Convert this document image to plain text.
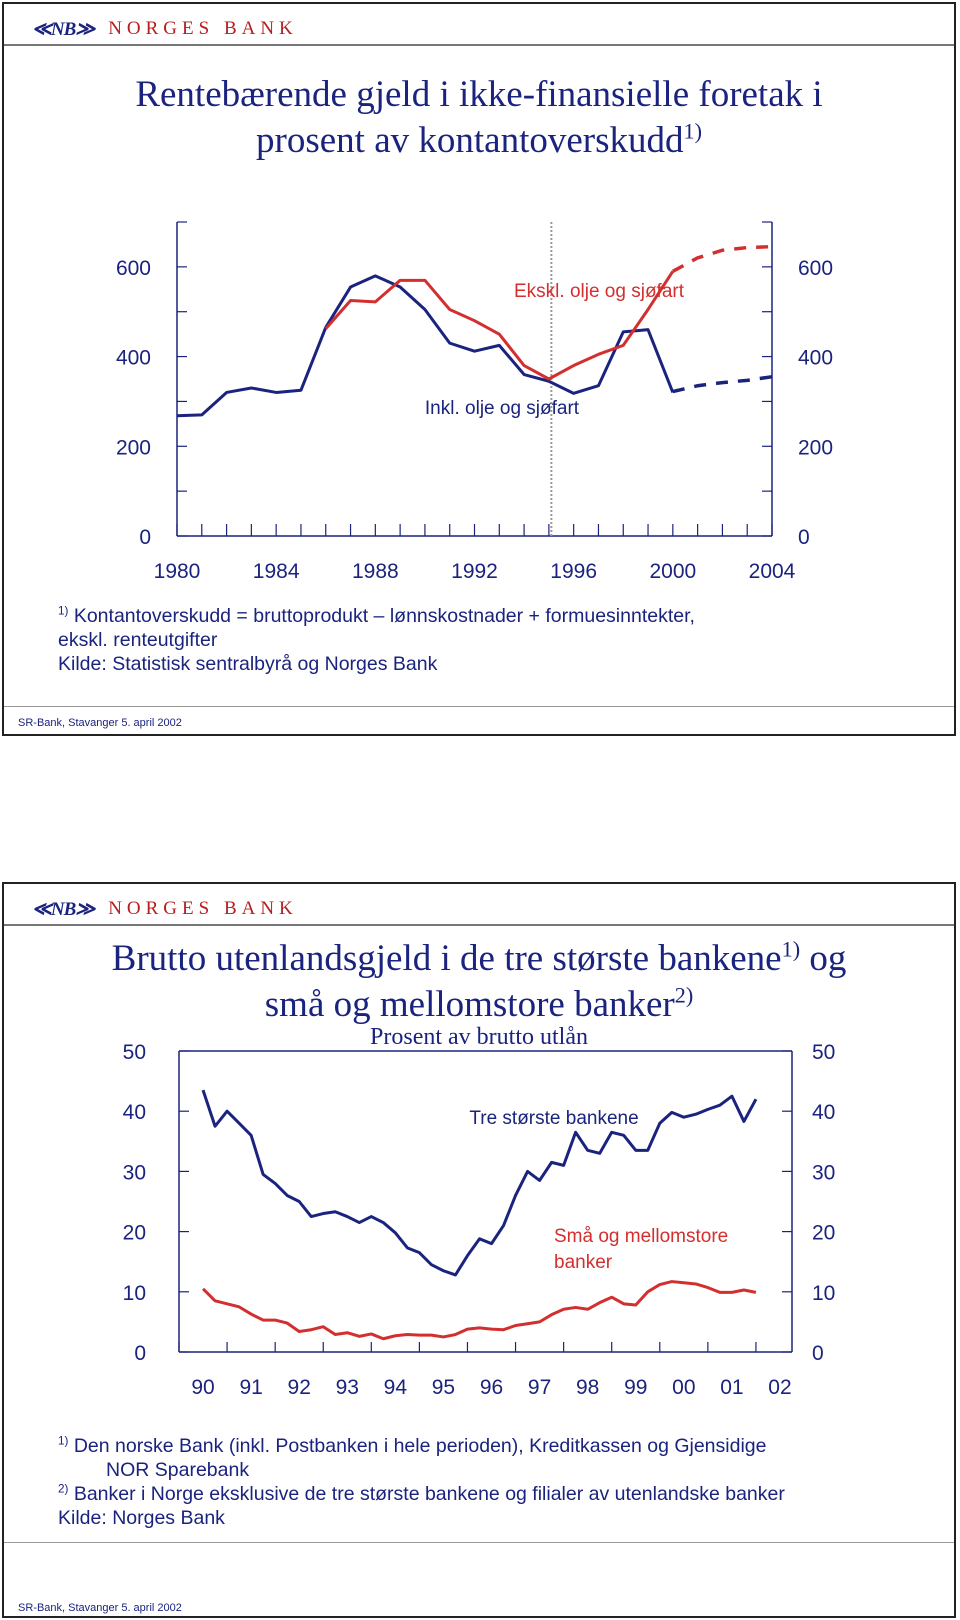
≪NB≫ NORGES BANK
Rentebærende gjeld i ikke-finansielle foretak i
prosent av kontantoverskudd$^{1)}$
0
200
400
600
0
200
400
600
1980 1984 1988 1992 1996 2000 2004
Ekskl. olje og sjøfart
Inkl. olje og sjøfart

$^{1)}$ Kontantoverskudd = bruttoprodukt – lønnskostnader + formuesinntekter,

ekskl. renteutgifter

Kilde: Statistisk sentralbyrå og Norges Bank

SR-Bank, Stavanger 5. april 2002
≪NB≫ NORGES BANK
Brutto utenlandsgjeld i de tre største bankene$^{1)}$ og
små og mellomstore banker$^{2)}$
Prosent av brutto utlån
0
10
20
30
40
50
0
10
20
30
40
50
90 91 92 93 94 95 96 97 98 99 00 01 02
Tre største bankene
Små og mellomstore
banker

$^{1)}$ Den norske Bank (inkl. Postbanken i hele perioden), Kreditkassen og Gjensidige

NOR Sparebank

$^{2)}$ Banker i Norge eksklusive de tre største bankene og filialer av utenlandske banker

Kilde: Norges Bank

SR-Bank, Stavanger 5. april 2002
